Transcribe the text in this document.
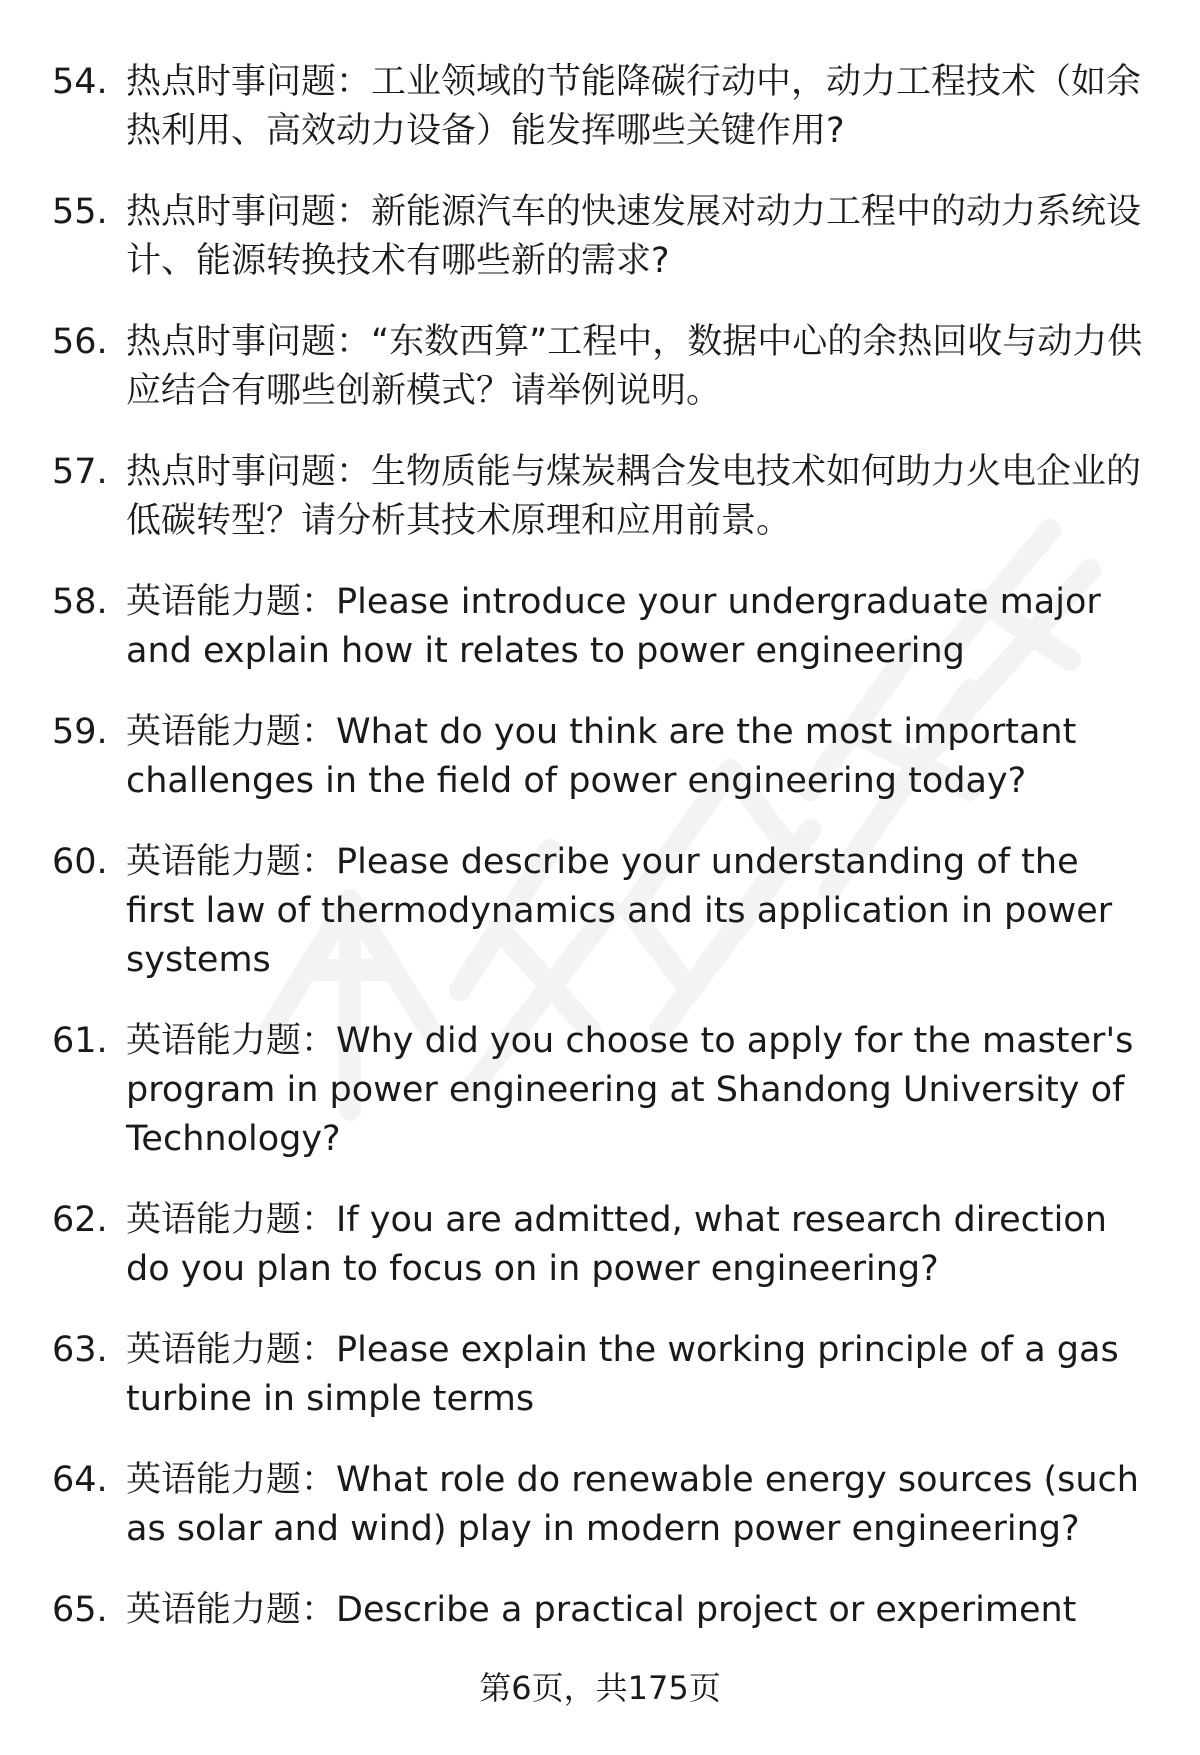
54. 热点时事问题：工业领域的节能降碳行动中，动力工程技术（如余热利用、高效动力设备）能发挥哪些关键作用?
55. 热点时事问题：新能源汽车的快速发展对动力工程中的动力系统设计、能源转换技术有哪些新的需求?
56. 热点时事问题：“东数西算”工程中，数据中心的余热回收与动力供应结合有哪些创新模式？请举例说明。
57. 热点时事问题：生物质能与煤炭耦合发电技术如何助力火电企业的低碳转型？请分析其技术原理和应用前景。
58. 英语能力题：Please introduce your undergraduate major and explain how it relates to power engineering
59. 英语能力题：What do you think are the most important challenges in the field of power engineering today?
60. 英语能力题：Please describe your understanding of the first law of thermodynamics and its application in power systems
61. 英语能力题：Why did you choose to apply for the master's program in power engineering at Shandong University of Technology?
62. 英语能力题：If you are admitted, what research direction do you plan to focus on in power engineering?
63. 英语能力题：Please explain the working principle of a gas turbine in simple terms
64. 英语能力题：What role do renewable energy sources (such as solar and wind) play in modern power engineering?
65. 英语能力题：Describe a practical project or experiment
第6页，共175页
